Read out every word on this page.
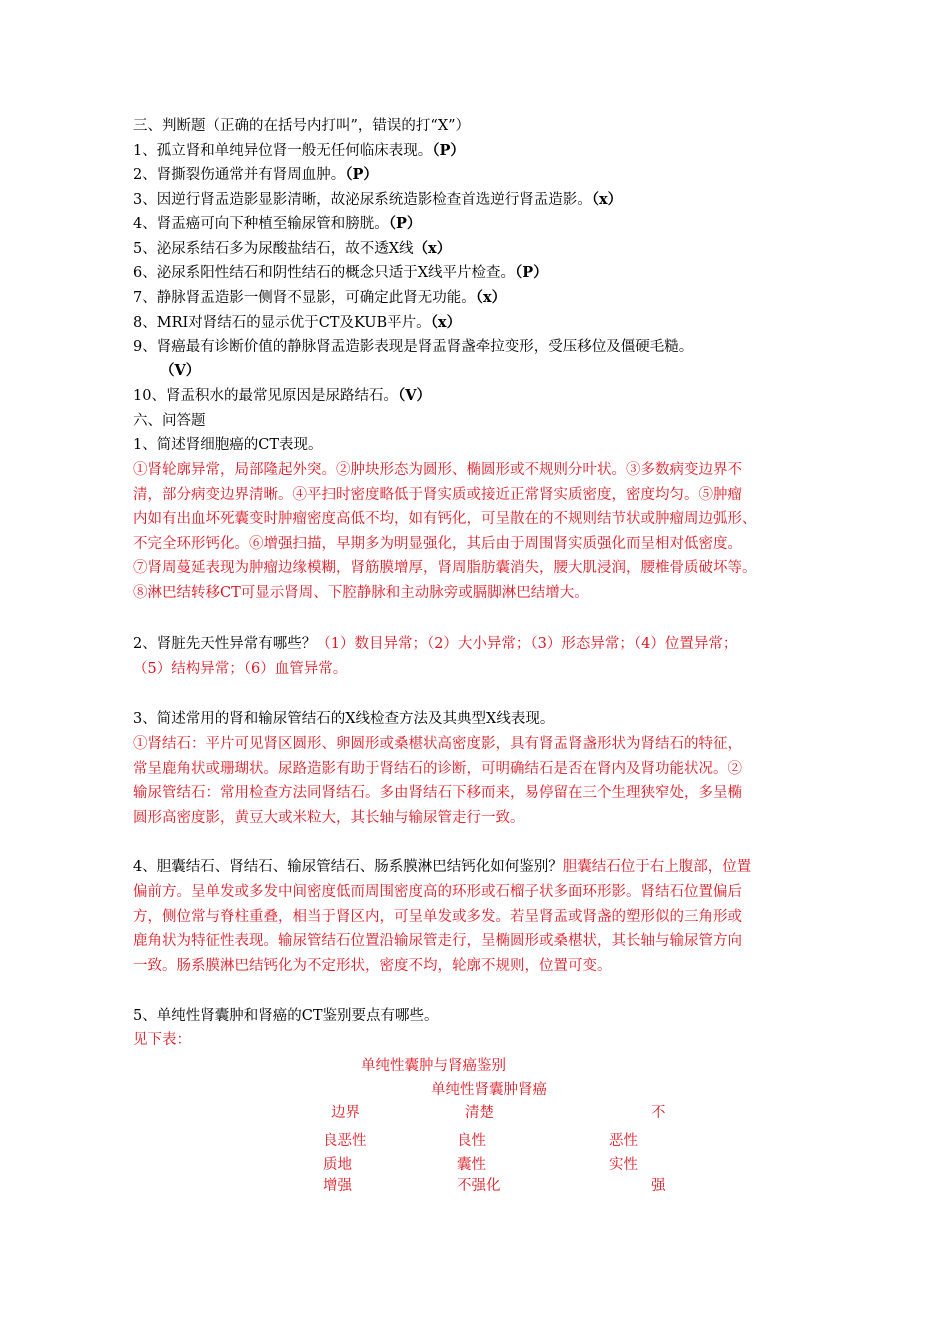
三、判断题（正确的在括号内打叫”，错误的打“X”）
1、孤立肾和单纯异位肾一般无任何临床表现。（P）
2、肾撕裂伤通常并有肾周血肿。（P）
3、因逆行肾盂造影显影清晰，故泌尿系统造影检查首选逆行肾盂造影。（x）
4、肾盂癌可向下种植至输尿管和膀胱。（P）
5、泌尿系结石多为尿酸盐结石，故不透X线（x）
6、泌尿系阳性结石和阴性结石的概念只适于X线平片检查。（P）
7、静脉肾盂造影一侧肾不显影，可确定此肾无功能。（x）
8、MRI对肾结石的显示优于CT及KUB平片。（x）
9、肾癌最有诊断价值的静脉肾盂造影表现是肾盂肾盏牵拉变形，受压移位及僵硬毛糙。
（V）
10、肾盂积水的最常见原因是尿路结石。（V）
六、问答题
1、简述肾细胞癌的CT表现。
①肾轮廓异常，局部隆起外突。②肿块形态为圆形、椭圆形或不规则分叶状。③多数病变边界不
清，部分病变边界清晰。④平扫时密度略低于肾实质或接近正常肾实质密度，密度均匀。⑤肿瘤
内如有出血坏死囊变时肿瘤密度高低不均，如有钙化，可呈散在的不规则结节状或肿瘤周边弧形、
不完全环形钙化。⑥增强扫描，早期多为明显强化，其后由于周围肾实质强化而呈相对低密度。
⑦肾周蔓延表现为肿瘤边缘模糊，肾筋膜增厚，肾周脂肪囊消失，腰大肌浸润，腰椎骨质破坏等。
⑧淋巴结转移CT可显示肾周、下腔静脉和主动脉旁或膈脚淋巴结增大。
2、肾脏先天性异常有哪些？（1）数目异常；（2）大小异常；（3）形态异常；（4）位置异常；
（5）结构异常；（6）血管异常。
3、简述常用的肾和输尿管结石的X线检查方法及其典型X线表现。
①肾结石：平片可见肾区圆形、卵圆形或桑椹状高密度影，具有肾盂肾盏形状为肾结石的特征，
常呈鹿角状或珊瑚状。尿路造影有助于肾结石的诊断，可明确结石是否在肾内及肾功能状况。②
输尿管结石：常用检查方法同肾结石。多由肾结石下移而来，易停留在三个生理狭窄处，多呈椭
圆形高密度影，黄豆大或米粒大，其长轴与输尿管走行一致。
4、胆囊结石、肾结石、输尿管结石、肠系膜淋巴结钙化如何鉴别？胆囊结石位于右上腹部，位置
偏前方。呈单发或多发中间密度低而周围密度高的环形或石榴子状多面环形影。肾结石位置偏后
方，侧位常与脊柱重叠，相当于肾区内，可呈单发或多发。若呈肾盂或肾盏的塑形似的三角形或
鹿角状为特征性表现。输尿管结石位置沿输尿管走行，呈椭圆形或桑椹状，其长轴与输尿管方向
一致。肠系膜淋巴结钙化为不定形状，密度不均，轮廓不规则，位置可变。
5、单纯性肾囊肿和肾癌的CT鉴别要点有哪些。
见下表：
单纯性囊肿与肾癌鉴别
单纯性肾囊肿肾癌
边界	清楚	不
良恶性	良性	恶性
质地	囊性	实性
增强	不强化	强
